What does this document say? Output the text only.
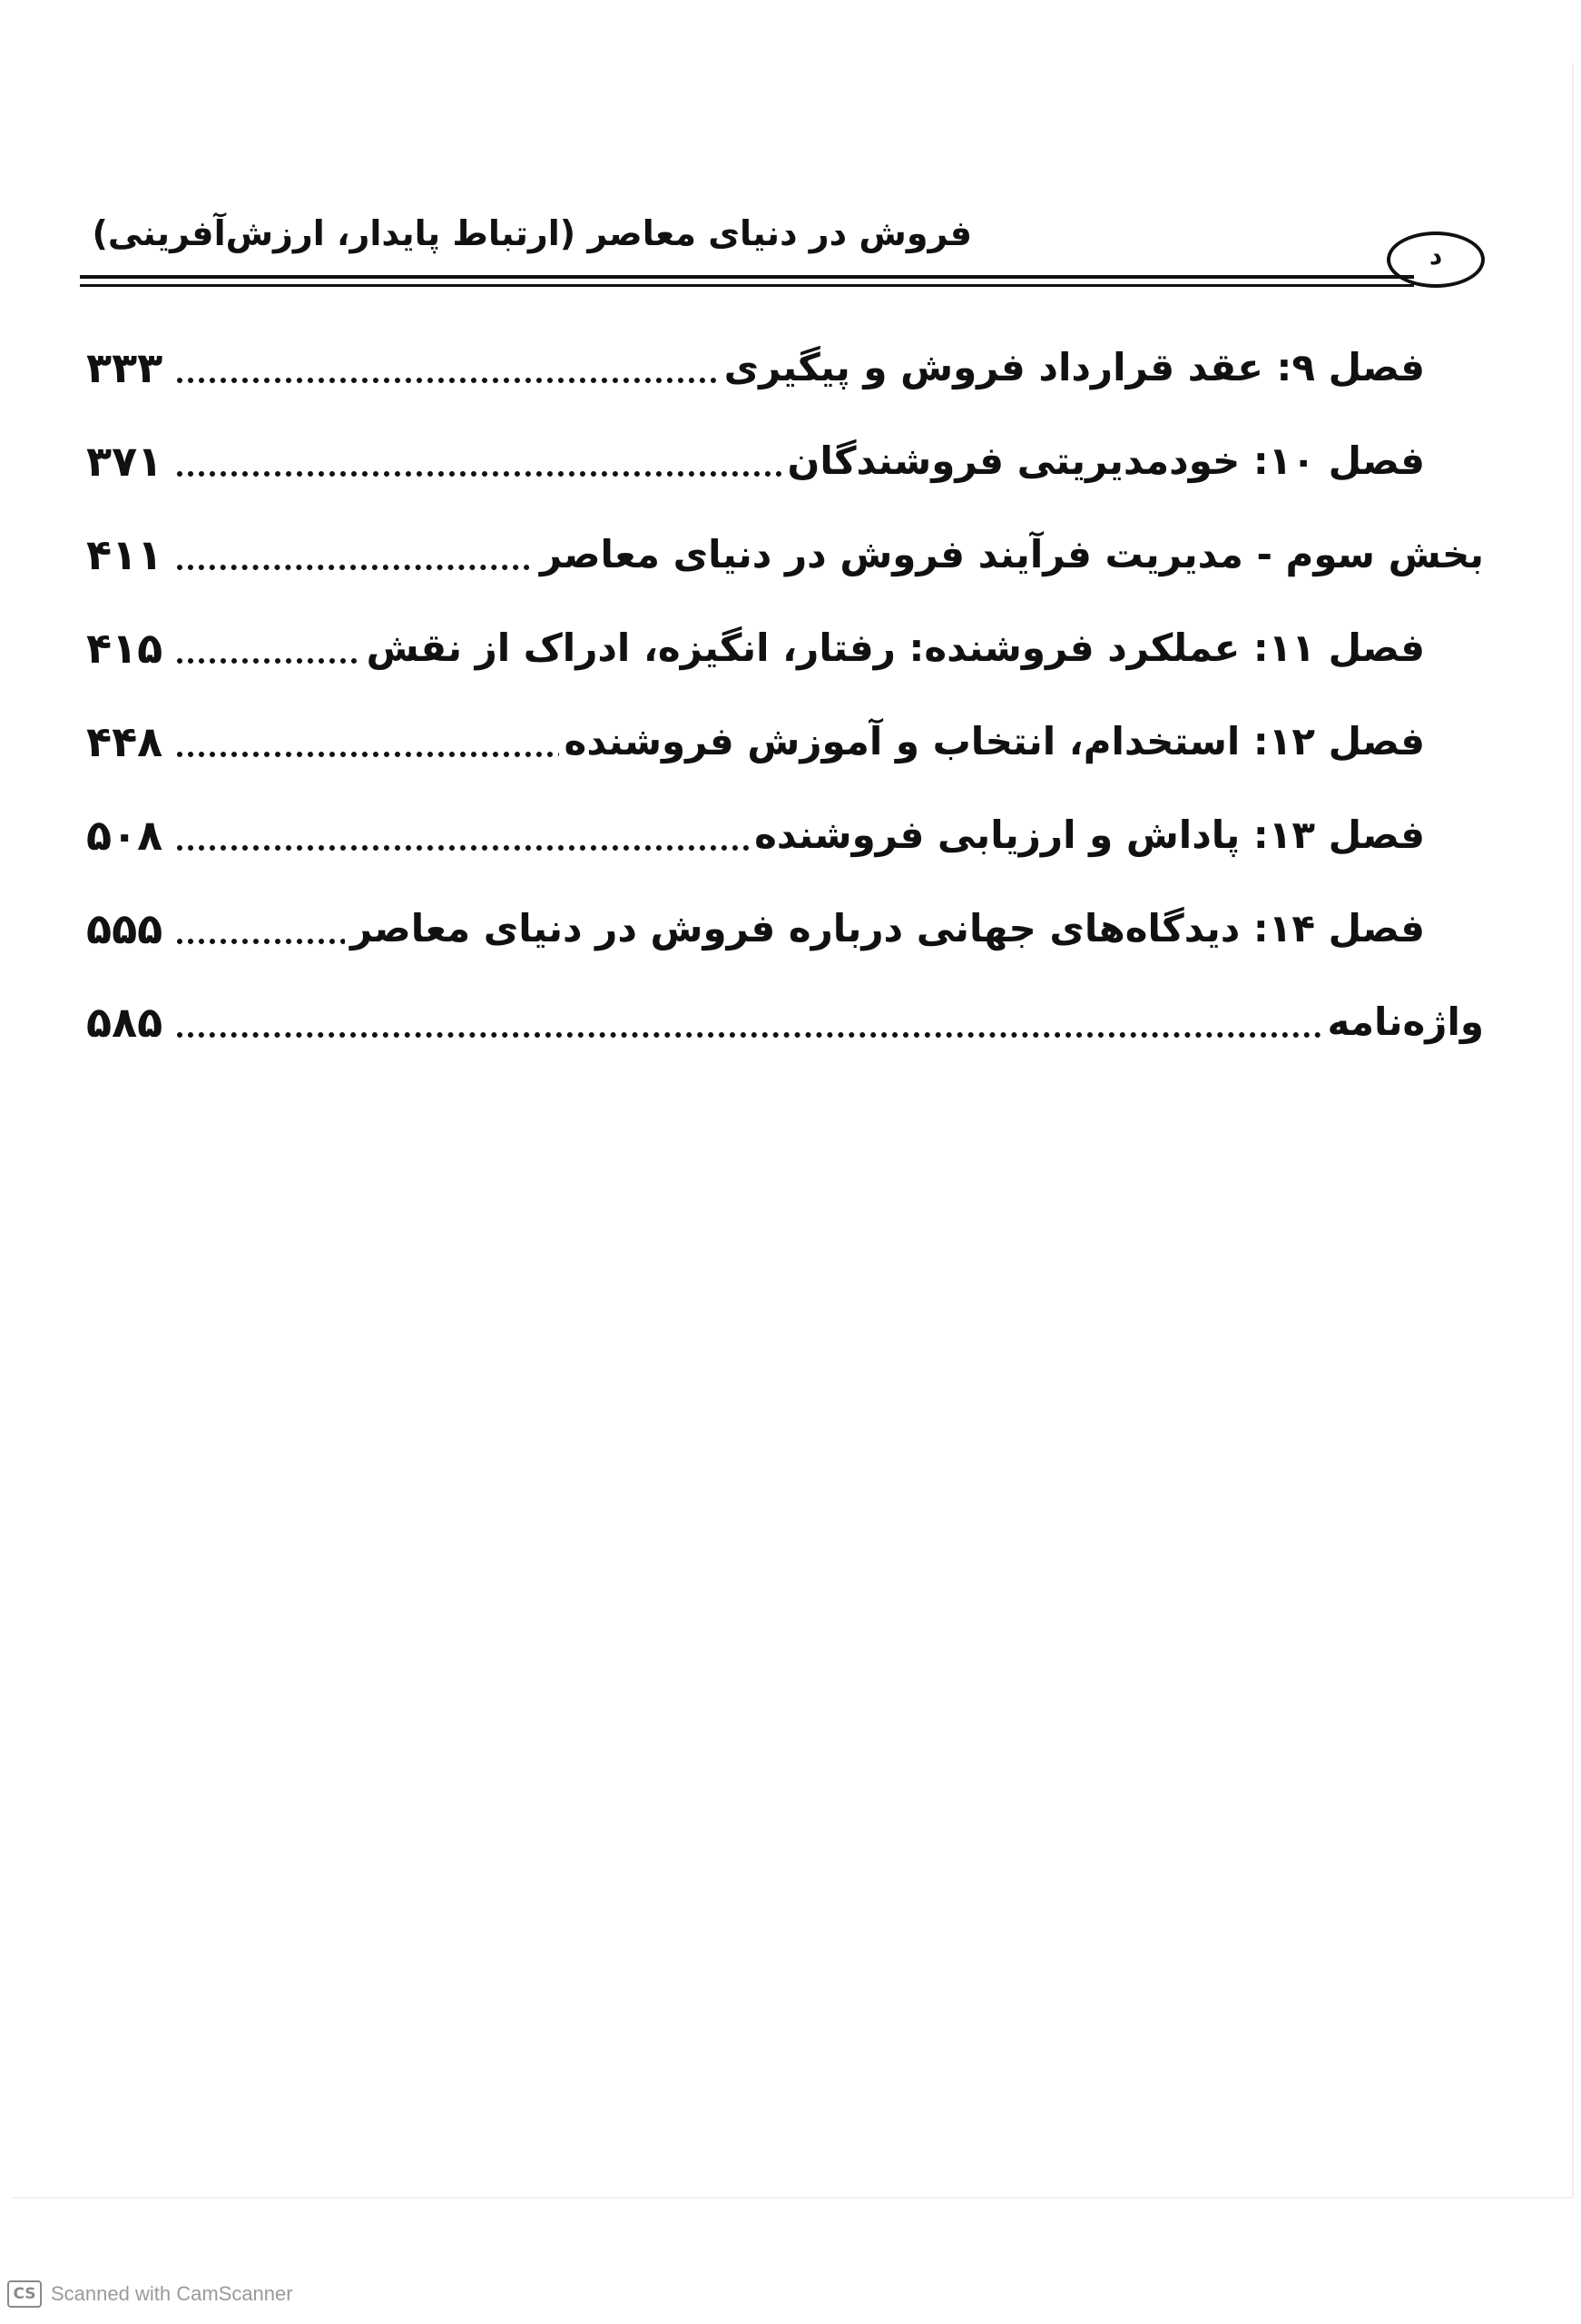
فروش در دنیای معاصر (ارتباط پایدار، ارزش‌آفرینی)
د
فصل ۹: عقد قرارداد فروش و پیگیری
۳۳۳
فصل ۱۰: خودمدیریتی فروشندگان
۳۷۱
بخش سوم - مدیریت فرآیند فروش در دنیای معاصر
۴۱۱
فصل ۱۱: عملکرد فروشنده: رفتار، انگیزه، ادراک از نقش
۴۱۵
فصل ۱۲: استخدام، انتخاب و آموزش فروشنده
۴۴۸
فصل ۱۳: پاداش و ارزیابی فروشنده
۵۰۸
فصل ۱۴: دیدگاه‌های جهانی درباره فروش در دنیای معاصر
۵۵۵
واژه‌نامه
۵۸۵
CS Scanned with CamScanner
